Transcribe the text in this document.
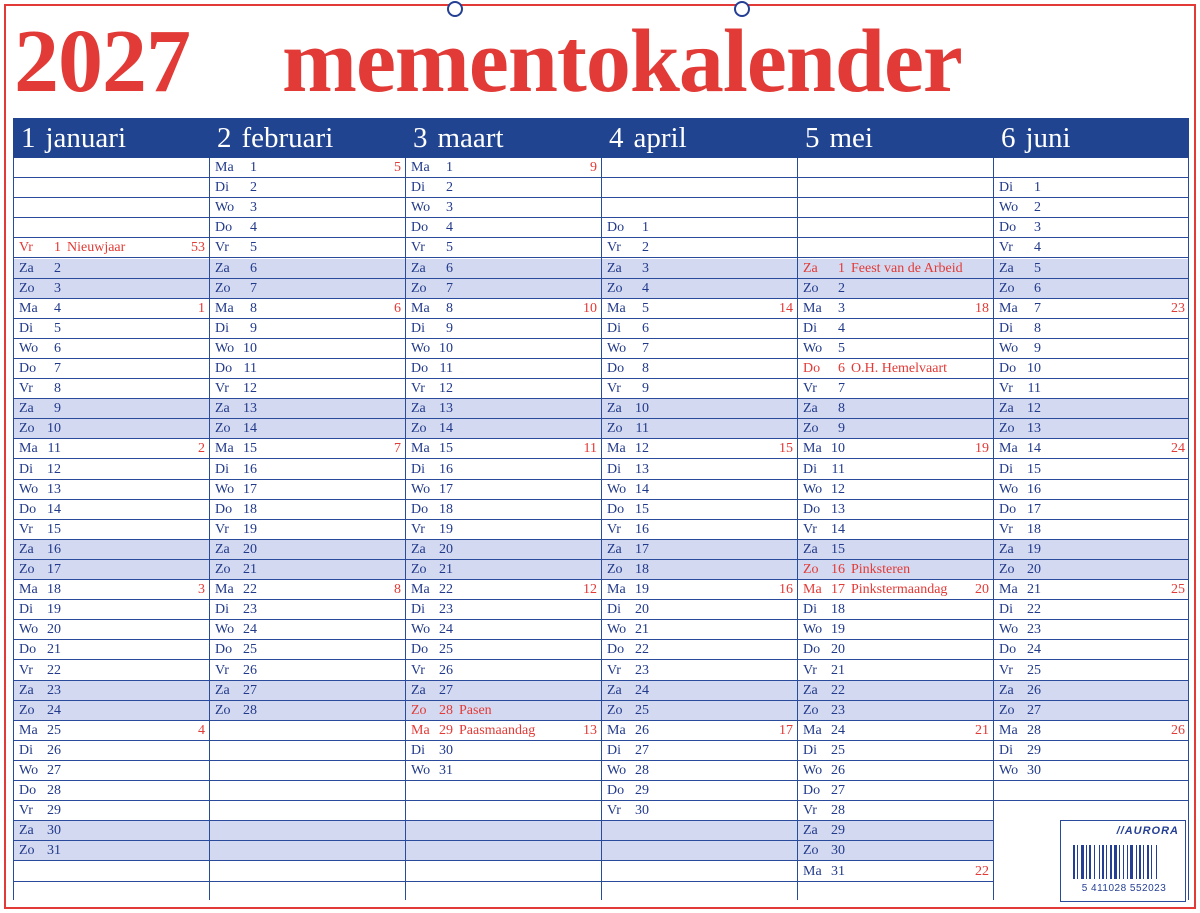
2027 mementokalender
1 januari
Vr	1 Nieuwjaar	53
Za	2
Zo	3
Ma	4	1
Di	5
Wo	6
Do	7
Vr	8
Za	9
Zo 10
Ma 11	2
Di 12
Wo 13
Do 14
Vr 15
Za 16
Zo 17
Ma 18	3
Di 19
Wo 20
Do 21
Vr 22
Za 23
Zo 24
Ma 25	4
Di 26
Wo 27
Do 28
Vr 29
Za 30
Zo 31
2 februari
Ma	1	5
Di	2
Wo	3
Do	4
Vr	5
Za	6
Zo	7
Ma	8	6
Di	9
Wo 10
Do 11
Vr 12
Za 13
Zo 14
Ma 15	7
Di 16
Wo 17
Do 18
Vr 19
Za 20
Zo 21
Ma 22	8
Di 23
Wo 24
Do 25
Vr 26
Za 27
Zo 28
3 maart
Ma	1	9
Di	2
Wo	3
Do	4
Vr	5
Za	6
Zo	7
Ma	8	10
Di	9
Wo 10
Do 11
Vr 12
Za 13
Zo 14
Ma 15	11
Di 16
Wo 17
Do 18
Vr 19
Za 20
Zo 21
Ma 22	12
Di 23
Wo 24
Do 25
Vr 26
Za 27
Zo 28 Pasen
Ma 29 Paasmaandag	13
Di 30
Wo 31
4 april
Do	1
Vr	2
Za	3
Zo	4
Ma	5	14
Di	6
Wo	7
Do	8
Vr	9
Za 10
Zo 11
Ma 12	15
Di 13
Wo 14
Do 15
Vr 16
Za 17
Zo 18
Ma 19	16
Di 20
Wo 21
Do 22
Vr 23
Za 24
Zo 25
Ma 26	17
Di 27
Wo 28
Do 29
Vr 30
5 mei
Za	1 Feest van de Arbeid
Zo	2
Ma	3	18
Di	4
Wo	5
Do	6 O.H. Hemelvaart
Vr	7
Za	8
Zo	9
Ma 10	19
Di 11
Wo 12
Do 13
Vr 14
Za 15
Zo 16 Pinksteren
Ma 17 Pinkstermaandag 20
Di 18
Wo 19
Do 20
Vr 21
Za 22
Zo 23
Ma 24	21
Di 25
Wo 26
Do 27
Vr 28
Za 29
Zo 30
Ma 31	22
6 juni
Di	1
Wo	2
Do	3
Vr	4
Za	5
Zo	6
Ma	7	23
Di	8
Wo	9
Do 10
Vr 11
Za 12
Zo 13
Ma 14	24
Di 15
Wo 16
Do 17
Vr 18
Za 19
Zo 20
Ma 21	25
Di 22
Wo 23
Do 24
Vr 25
Za 26
Zo 27
Ma 28	26
Di 29
Wo 30
//AURORA
5 411028 552023
